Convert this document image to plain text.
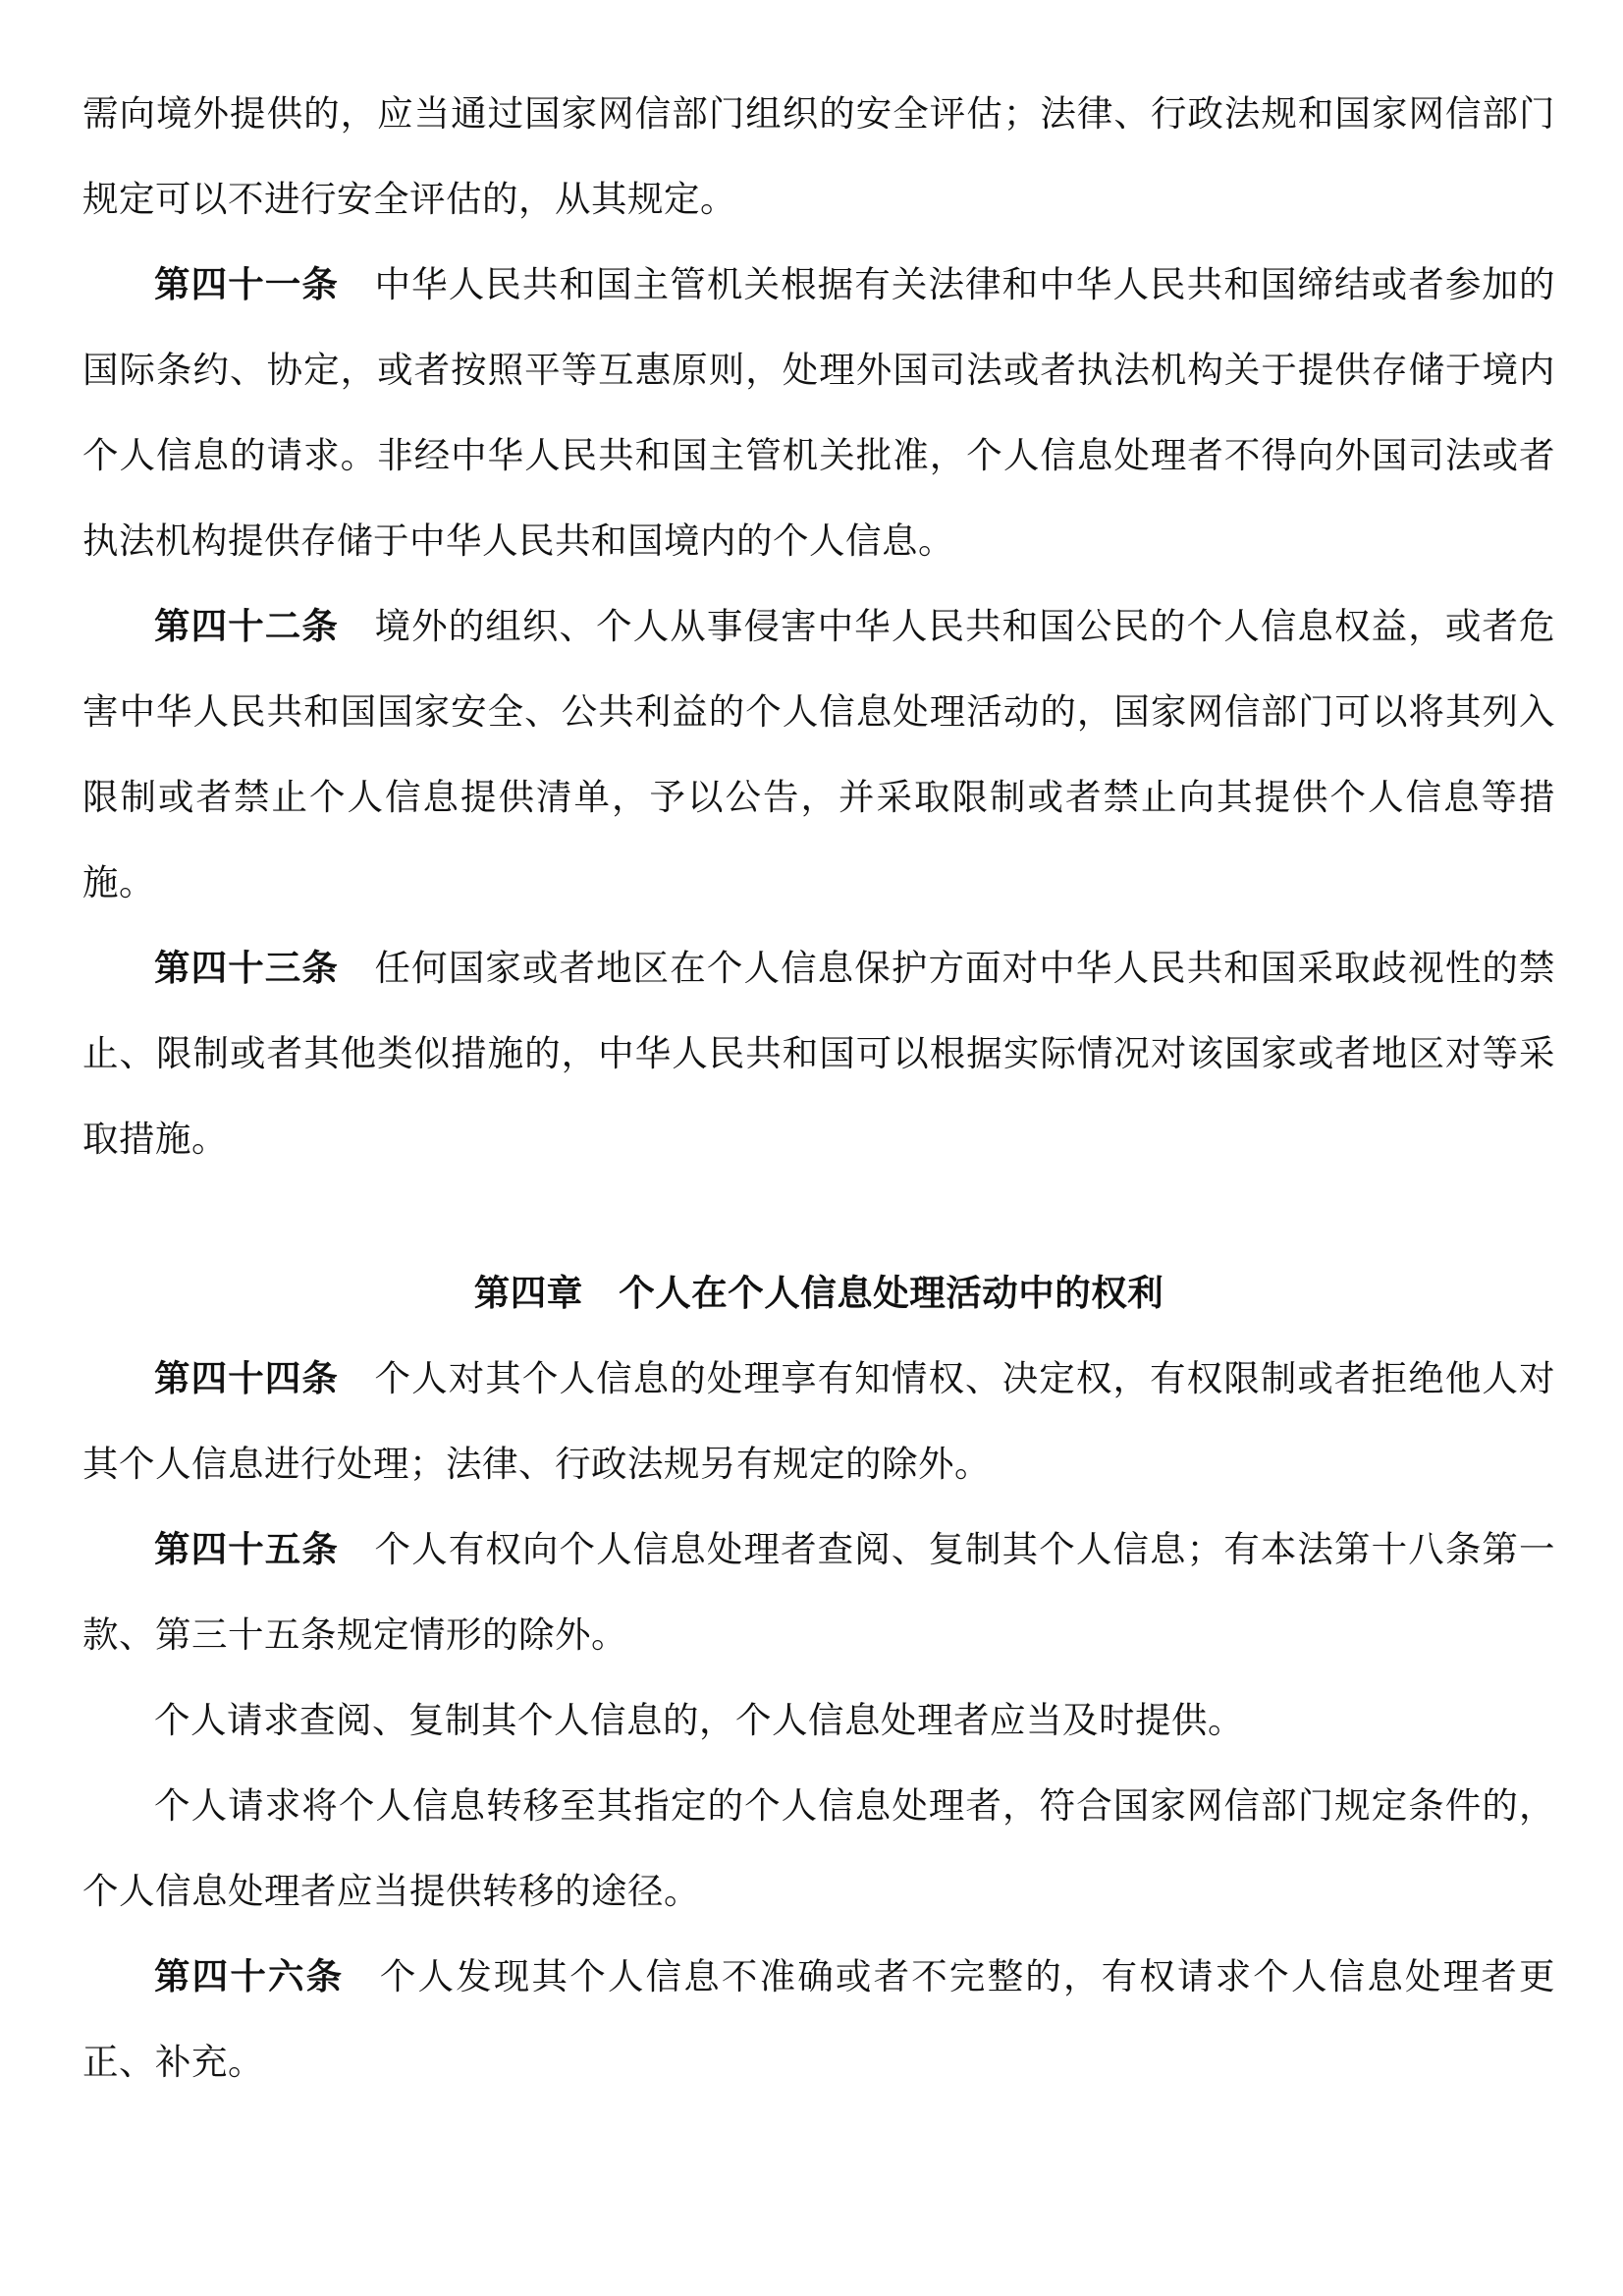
需向境外提供的，应当通过国家网信部门组织的安全评估；法律、行政法规和国家网信部门规定可以不进行安全评估的，从其规定。

第四十一条 中华人民共和国主管机关根据有关法律和中华人民共和国缔结或者参加的国际条约、协定，或者按照平等互惠原则，处理外国司法或者执法机构关于提供存储于境内个人信息的请求。非经中华人民共和国主管机关批准，个人信息处理者不得向外国司法或者执法机构提供存储于中华人民共和国境内的个人信息。

第四十二条 境外的组织、个人从事侵害中华人民共和国公民的个人信息权益，或者危害中华人民共和国国家安全、公共利益的个人信息处理活动的，国家网信部门可以将其列入限制或者禁止个人信息提供清单，予以公告，并采取限制或者禁止向其提供个人信息等措施。

第四十三条 任何国家或者地区在个人信息保护方面对中华人民共和国采取歧视性的禁止、限制或者其他类似措施的，中华人民共和国可以根据实际情况对该国家或者地区对等采取措施。

第四章 个人在个人信息处理活动中的权利

第四十四条 个人对其个人信息的处理享有知情权、决定权，有权限制或者拒绝他人对其个人信息进行处理；法律、行政法规另有规定的除外。

第四十五条 个人有权向个人信息处理者查阅、复制其个人信息；有本法第十八条第一款、第三十五条规定情形的除外。

个人请求查阅、复制其个人信息的，个人信息处理者应当及时提供。

个人请求将个人信息转移至其指定的个人信息处理者，符合国家网信部门规定条件的，个人信息处理者应当提供转移的途径。

第四十六条 个人发现其个人信息不准确或者不完整的，有权请求个人信息处理者更正、补充。
